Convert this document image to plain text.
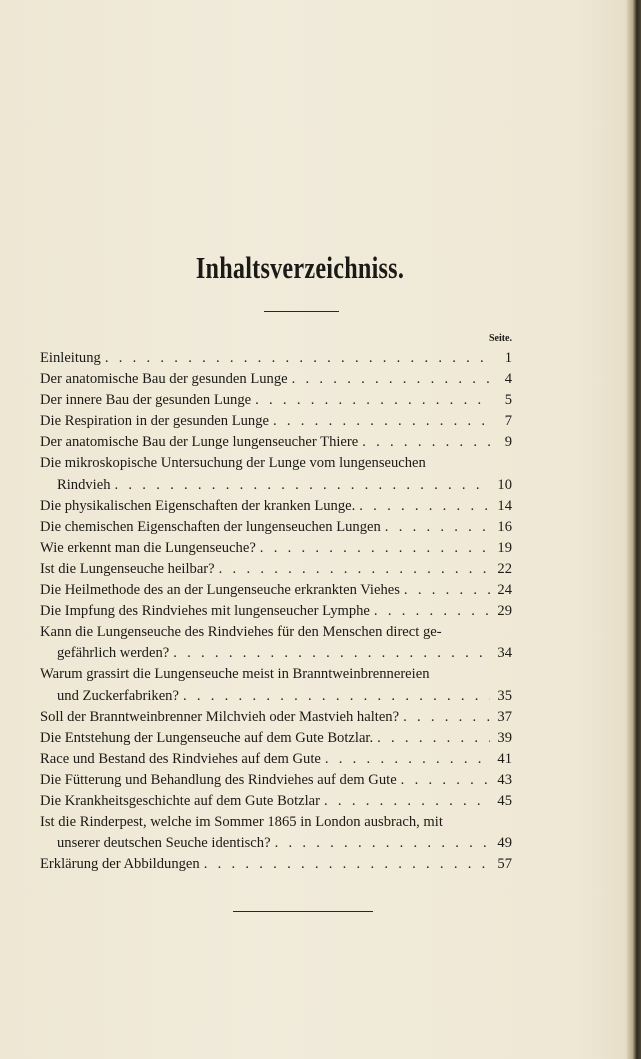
Inhaltsverzeichniss.
Seite.
Einleitung . . .	1
Der anatomische Bau der gesunden Lunge . . .	4
Der innere Bau der gesunden Lunge . . .	5
Die Respiration in der gesunden Lunge . . .	7
Der anatomische Bau der Lunge lungenseucher Thiere . . .	9
Die mikroskopische Untersuchung der Lunge vom lungenseuchen
Rindvieh . . .	10
Die physikalischen Eigenschaften der kranken Lunge. . . .	14
Die chemischen Eigenschaften der lungenseuchen Lungen . . .	16
Wie erkennt man die Lungenseuche? . . .	19
Ist die Lungenseuche heilbar? . . .	22
Die Heilmethode des an der Lungenseuche erkrankten Viehes . . .	24
Die Impfung des Rindviehes mit lungenseucher Lymphe . . .	29
Kann die Lungenseuche des Rindviehes für den Menschen direct ge-
gefährlich werden? . . .	34
Warum grassirt die Lungenseuche meist in Branntweinbrennereien
und Zuckerfabriken? . . .	35
Soll der Branntweinbrenner Milchvieh oder Mastvieh halten? . . .	37
Die Entstehung der Lungenseuche auf dem Gute Botzlar. . . .	39
Race und Bestand des Rindviehes auf dem Gute . . .	41
Die Fütterung und Behandlung des Rindviehes auf dem Gute . . .	43
Die Krankheitsgeschichte auf dem Gute Botzlar . . .	45
Ist die Rinderpest, welche im Sommer 1865 in London ausbrach, mit
unserer deutschen Seuche identisch? . . .	49
Erklärung der Abbildungen . . .	57
